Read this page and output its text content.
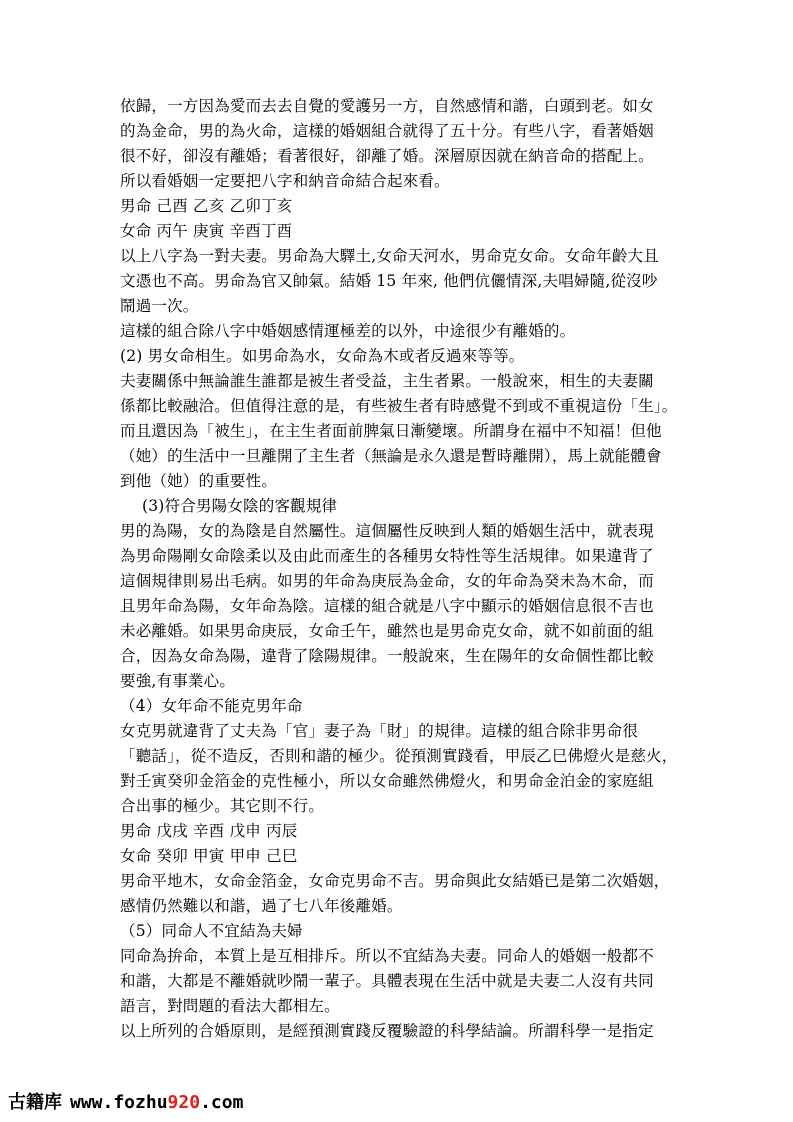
依歸，一方因為愛而去去自覺的愛護另一方，自然感情和諧，白頭到老。如女
的為金命，男的為火命，這樣的婚姻組合就得了五十分。有些八字，看著婚姻
很不好，卻沒有離婚；看著很好，卻離了婚。深層原因就在納音命的搭配上。
所以看婚姻一定要把八字和納音命結合起來看。
男命 己酉 乙亥 乙卯丁亥
女命 丙午 庚寅 辛酉丁酉
以上八字為一對夫妻。男命為大驛土,女命天河水，男命克女命。女命年齡大且
文憑也不高。男命為官又帥氣。結婚 15 年來, 他們伉儷情深,夫唱婦隨,從沒吵
鬧過一次。
這樣的組合除八字中婚姻感情運極差的以外，中途很少有離婚的。
(2) 男女命相生。如男命為水，女命為木或者反過來等等。
夫妻關係中無論誰生誰都是被生者受益，主生者累。一般說來，相生的夫妻關
係都比較融洽。但值得注意的是，有些被生者有時感覺不到或不重視這份「生」。
而且還因為「被生」，在主生者面前脾氣日漸變壞。所謂身在福中不知福！但他
（她）的生活中一旦離開了主生者（無論是永久還是暫時離開），馬上就能體會
到他（她）的重要性。
(3)符合男陽女陰的客觀規律
男的為陽，女的為陰是自然屬性。這個屬性反映到人類的婚姻生活中，就表現
為男命陽剛女命陰柔以及由此而產生的各種男女特性等生活規律。如果違背了
這個規律則易出毛病。如男的年命為庚辰為金命，女的年命為癸未為木命，而
且男年命為陽，女年命為陰。這樣的組合就是八字中顯示的婚姻信息很不吉也
未必離婚。如果男命庚辰，女命壬午，雖然也是男命克女命，就不如前面的組
合，因為女命為陽，違背了陰陽規律。一般說來，生在陽年的女命個性都比較
要強,有事業心。
（4）女年命不能克男年命
女克男就違背了丈夫為「官」妻子為「財」的規律。這樣的組合除非男命很
「聽話」，從不造反，否則和諧的極少。從預測實踐看，甲辰乙巳佛燈火是慈火，
對壬寅癸卯金箔金的克性極小，所以女命雖然佛燈火，和男命金泊金的家庭組
合出事的極少。其它則不行。
男命 戊戌 辛酉 戊申 丙辰
女命 癸卯 甲寅 甲申 己巳
男命平地木，女命金箔金，女命克男命不吉。男命與此女結婚已是第二次婚姻，
感情仍然難以和諧，過了七八年後離婚。
（5）同命人不宜結為夫婦
同命為拚命，本質上是互相排斥。所以不宜結為夫妻。同命人的婚姻一般都不
和諧，大都是不離婚就吵鬧一輩子。具體表現在生活中就是夫妻二人沒有共同
語言，對問題的看法大都相左。
以上所列的合婚原則，是經預測實踐反覆驗證的科學結論。所謂科學一是指定
古籍库 www.fozhu920.com
